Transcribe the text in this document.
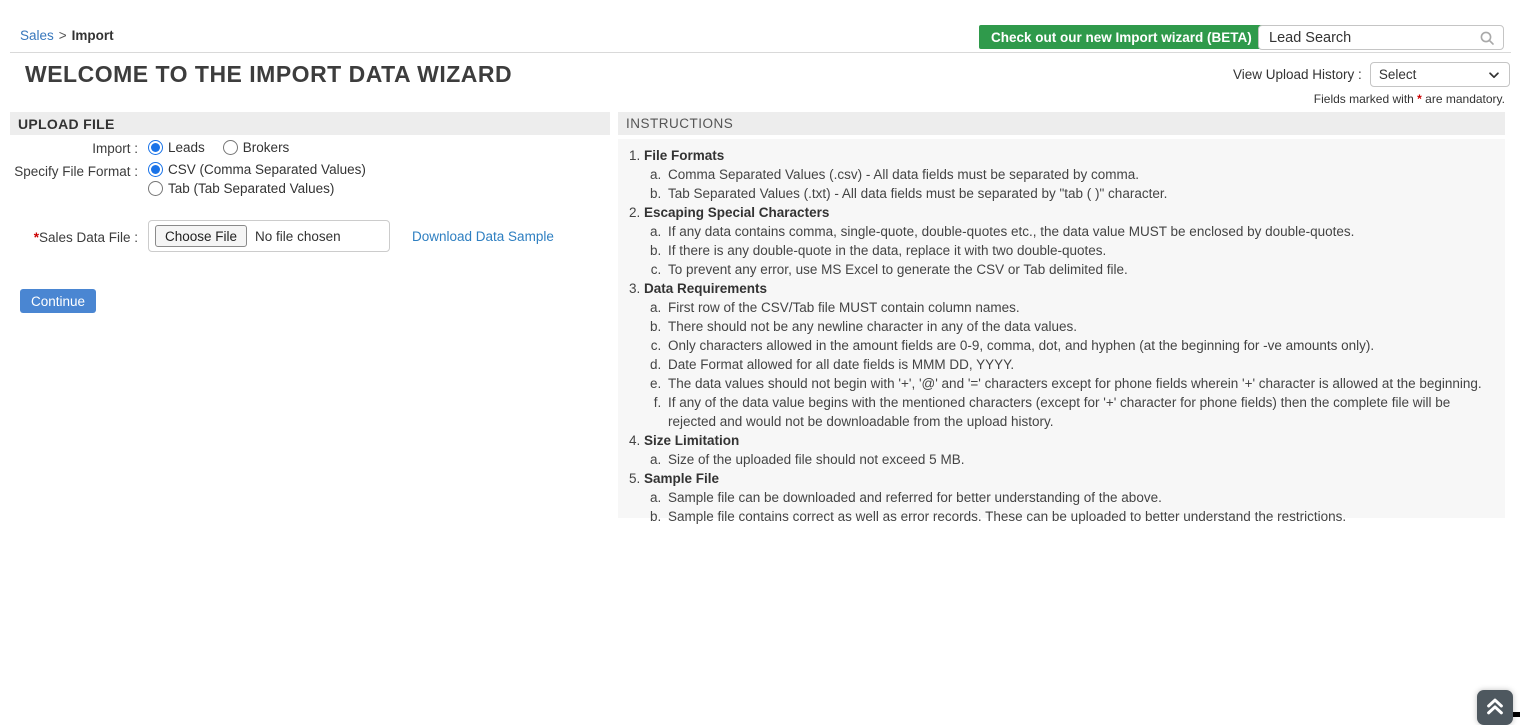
Sales > Import	Check out our new Import wizard (BETA)
Lead Search
WELCOME TO THE IMPORT DATA WIZARD	View Upload History : Select
Fields marked with * are mandatory.
UPLOAD FILE	INSTRUCTIONS
Import :	Leads	Brokers
Specify File Format :	CSV (Comma Separated Values)
Tab (Tab Separated Values)
*Sales Data File :	Choose File	No file chosen	Download Data Sample
Continue
1. File Formats
a. Comma Separated Values (.csv) - All data fields must be separated by comma.
b. Tab Separated Values (.txt) - All data fields must be separated by "tab ( )" character.
2. Escaping Special Characters
a. If any data contains comma, single-quote, double-quotes etc., the data value MUST be enclosed by double-quotes.
b. If there is any double-quote in the data, replace it with two double-quotes.
c. To prevent any error, use MS Excel to generate the CSV or Tab delimited file.
3. Data Requirements
a. First row of the CSV/Tab file MUST contain column names.
b. There should not be any newline character in any of the data values.
c. Only characters allowed in the amount fields are 0-9, comma, dot, and hyphen (at the beginning for -ve amounts only).
d. Date Format allowed for all date fields is MMM DD, YYYY.
e. The data values should not begin with '+', '@' and '=' characters except for phone fields wherein '+' character is allowed at the beginning.
f. If any of the data value begins with the mentioned characters (except for '+' character for phone fields) then the complete file will be rejected and would not be downloadable from the upload history.
4. Size Limitation
a. Size of the uploaded file should not exceed 5 MB.
5. Sample File
a. Sample file can be downloaded and referred for better understanding of the above.
b. Sample file contains correct as well as error records. These can be uploaded to better understand the restrictions.
